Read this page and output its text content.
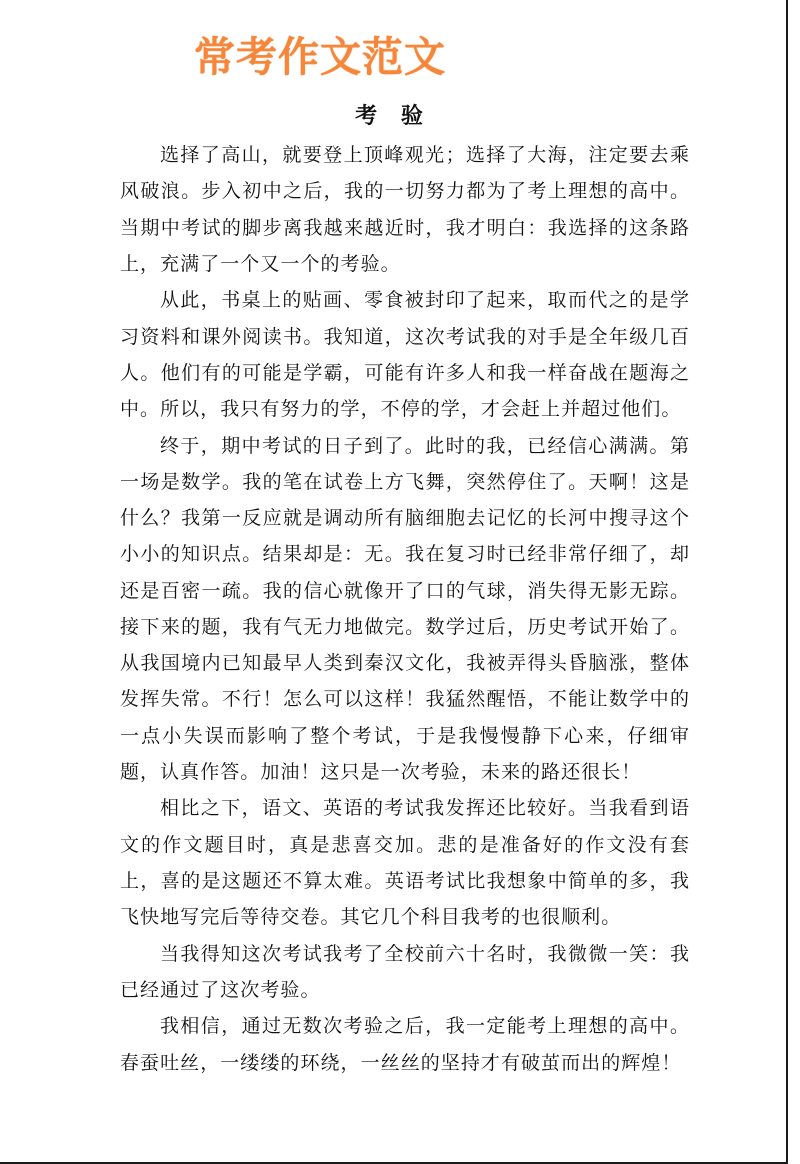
常考作文范文
考 验

选择了高山，就要登上顶峰观光；选择了大海，注定要去乘风破浪。步入初中之后，我的一切努力都为了考上理想的高中。当期中考试的脚步离我越来越近时，我才明白：我选择的这条路上，充满了一个又一个的考验。

从此，书桌上的贴画、零食被封印了起来，取而代之的是学习资料和课外阅读书。我知道，这次考试我的对手是全年级几百人。他们有的可能是学霸，可能有许多人和我一样奋战在题海之中。所以，我只有努力的学，不停的学，才会赶上并超过他们。

终于，期中考试的日子到了。此时的我，已经信心满满。第一场是数学。我的笔在试卷上方飞舞，突然停住了。天啊！这是什么？我第一反应就是调动所有脑细胞去记忆的长河中搜寻这个小小的知识点。结果却是：无。我在复习时已经非常仔细了，却还是百密一疏。我的信心就像开了口的气球，消失得无影无踪。接下来的题，我有气无力地做完。数学过后，历史考试开始了。从我国境内已知最早人类到秦汉文化，我被弄得头昏脑涨，整体发挥失常。不行！怎么可以这样！我猛然醒悟，不能让数学中的一点小失误而影响了整个考试，于是我慢慢静下心来，仔细审题，认真作答。加油！这只是一次考验，未来的路还很长！

相比之下，语文、英语的考试我发挥还比较好。当我看到语文的作文题目时，真是悲喜交加。悲的是准备好的作文没有套上，喜的是这题还不算太难。英语考试比我想象中简单的多，我飞快地写完后等待交卷。其它几个科目我考的也很顺利。

当我得知这次考试我考了全校前六十名时，我微微一笑：我已经通过了这次考验。

我相信，通过无数次考验之后，我一定能考上理想的高中。春蚕吐丝，一缕缕的环绕，一丝丝的坚持才有破茧而出的辉煌！
